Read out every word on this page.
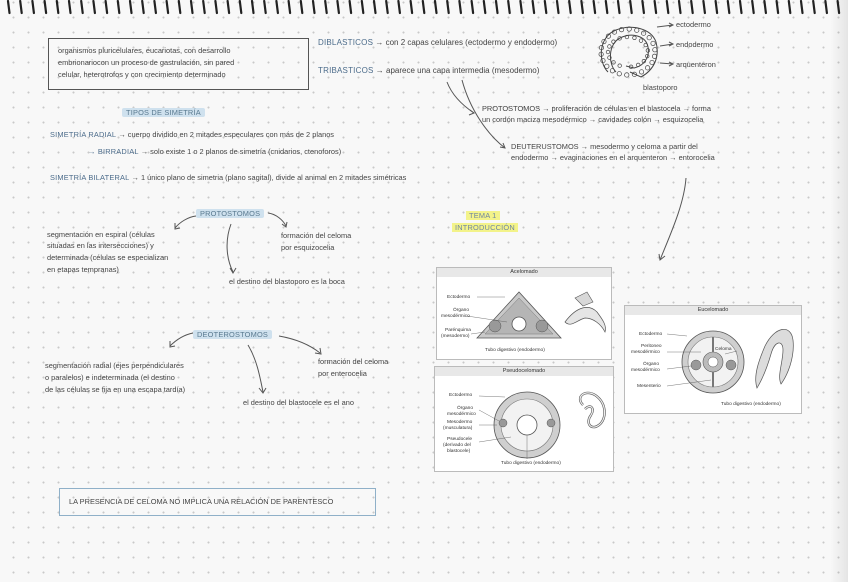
organismos pluricelulares, eucariotas, con desarrollo
embrionariocon un proceso de gastrulación, sin pared
celular, heterotrofos y con crecimiento determinado
DIBLASTICOS → con 2 capas celulares (ectodermo y endodermo)
TRIBASTICOS → aparece una capa intermedia (mesodermo)
ectodermo
endodermo
arquenteron
blastoporo
PROTOSTOMOS → proliferación de células en el blastocela → forma
un cordón maciza mesodérmico → cavidades colón → esquizocelia
DEUTERUSTOMOS → mesodermo y celoma a partir del
endodermo → evaginaciones en el arquenteron → entorocelia
TIPOS DE SIMETRÍA
SIMETRÍA RADIAL → cuerpo dividido en 2 mitades especulares con más de 2 planos
→ BIRRADIAL → solo existe 1 o 2 planos de simetría (cnidarios, ctenoforos)
SIMETRÍA BILATERAL → 1 único plano de simetria (plano sagital), divide al animal en 2 mitades simétricas
TEMA 1
INTRODUCCIÓN
PROTOSTOMOS
segmentación en espiral (células
situadas en las intersecciones) y
determinada (células se especializan
en etapas tempranas)
formación del celoma
por esquizocelia
el destino del blastoporo es la boca
DEOTEROSTOMOS
segmentación radial (ejes perpendiculares
o paralelos) e indeterminada (el destino
de las células se fija en una escapa tardía)
formación del celoma
por enterocelia
el destino del blastocele es el ano
Acelomado
Ectodermo
Órgano
mesodérmico
Parénquima
(mesodermo)
Tubo digestivo (endodermo)
Eucelomado
Ectodermo
Peritoneo
mesodérmico
Órgano
mesodérmico
Celoma
Mesenterio
Tubo digestivo (endodermo)
Pseudocelomado
Ectodermo
Órgano
mesodérmico
Mesodermo
(musculatura)
Pseudocele
(derivado del
blastocele)
Tubo digestivo (endodermo)
LA PRESENCIA DE CELOMA NO IMPLICA UNA RELACIÓN DE PARENTESCO
